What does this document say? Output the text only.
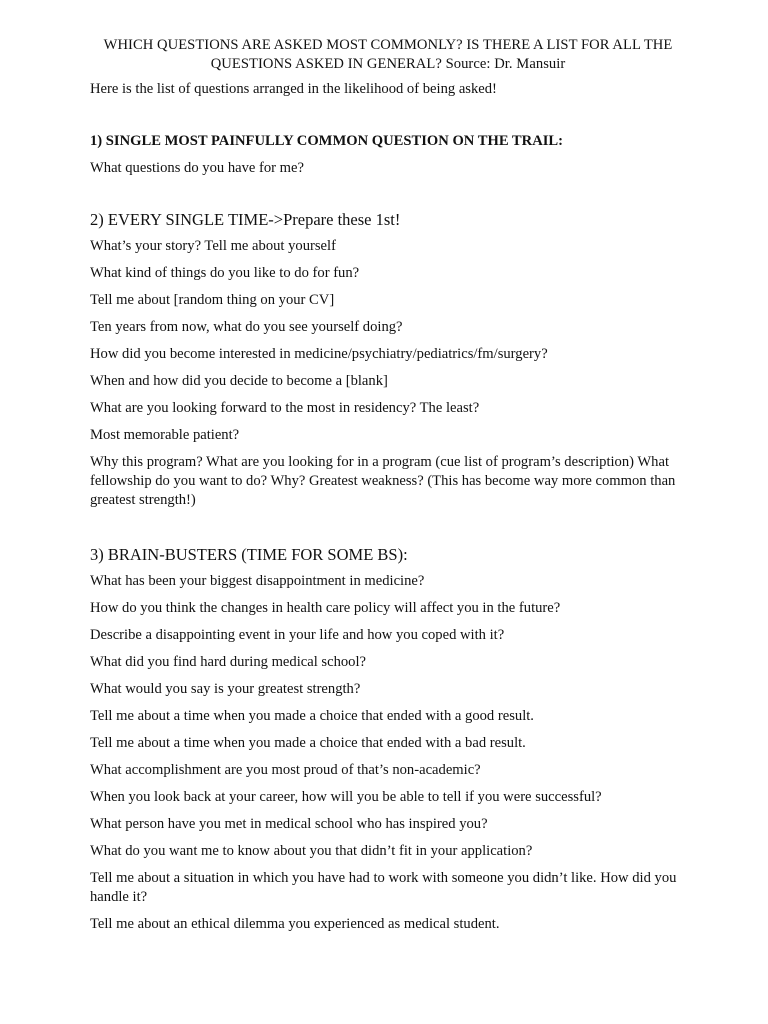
WHICH QUESTIONS ARE ASKED MOST COMMONLY? IS THERE A LIST FOR ALL THE QUESTIONS ASKED IN GENERAL? Source: Dr. Mansuir

Here is the list of questions arranged in the likelihood of being asked!

1) SINGLE MOST PAINFULLY COMMON QUESTION ON THE TRAIL:

What questions do you have for me?

2) EVERY SINGLE TIME->Prepare these 1st!

What’s your story? Tell me about yourself
What kind of things do you like to do for fun?
Tell me about [random thing on your CV]
Ten years from now, what do you see yourself doing?
How did you become interested in medicine/psychiatry/pediatrics/fm/surgery?
When and how did you decide to become a [blank]
What are you looking forward to the most in residency? The least?
Most memorable patient?
Why this program? What are you looking for in a program (cue list of program’s description) What fellowship do you want to do? Why? Greatest weakness? (This has become way more common than greatest strength!)

3) BRAIN-BUSTERS (TIME FOR SOME BS):

What has been your biggest disappointment in medicine?
How do you think the changes in health care policy will affect you in the future?
Describe a disappointing event in your life and how you coped with it?
What did you find hard during medical school?
What would you say is your greatest strength?
Tell me about a time when you made a choice that ended with a good result.
Tell me about a time when you made a choice that ended with a bad result.
What accomplishment are you most proud of that’s non-academic?
When you look back at your career, how will you be able to tell if you were successful?
What person have you met in medical school who has inspired you?
What do you want me to know about you that didn’t fit in your application?
Tell me about a situation in which you have had to work with someone you didn’t like. How did you handle it?
Tell me about an ethical dilemma you experienced as medical student.
